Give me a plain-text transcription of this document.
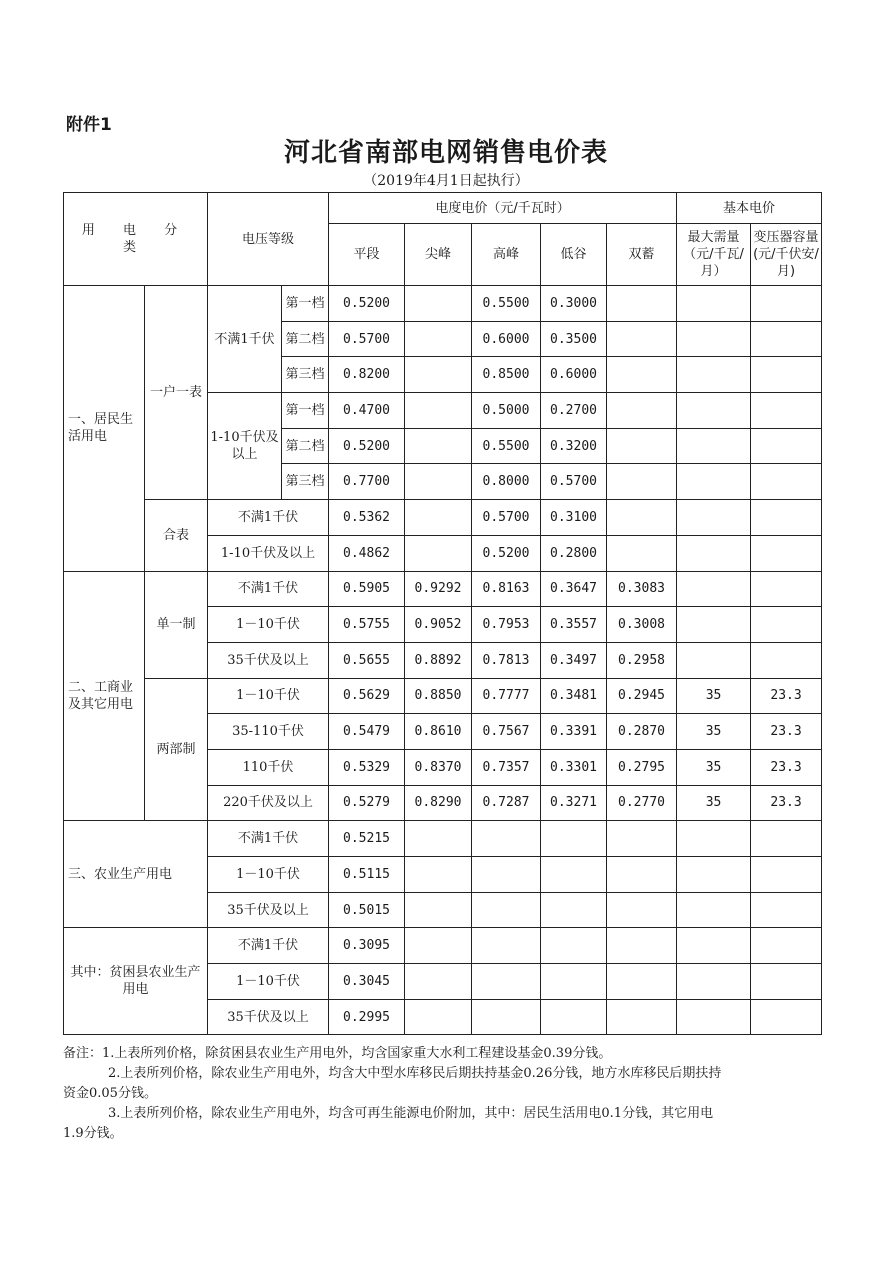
附件1
河北省南部电网销售电价表
（2019年4月1日起执行）
用 电 分 类		电压等级		电度电价（元/千瓦时）					基本电价	
				平段	尖峰	高峰	低谷	双蓄	最大需量（元/千瓦/月）	变压器容量(元/千伏安/月)
一、居民生活用电	一户一表	不满1千伏	第一档	0.5200		0.5500	0.3000			
			第二档	0.5700		0.6000	0.3500			
			第三档	0.8200		0.8500	0.6000			
		1-10千伏及以上	第一档	0.4700		0.5000	0.2700			
			第二档	0.5200		0.5500	0.3200			
			第三档	0.7700		0.8000	0.5700			
	合表	不满1千伏		0.5362		0.5700	0.3100			
		1-10千伏及以上		0.4862		0.5200	0.2800			
二、工商业及其它用电	单一制	不满1千伏		0.5905	0.9292	0.8163	0.3647	0.3083		
		1－10千伏		0.5755	0.9052	0.7953	0.3557	0.3008		
		35千伏及以上		0.5655	0.8892	0.7813	0.3497	0.2958		
	两部制	1－10千伏		0.5629	0.8850	0.7777	0.3481	0.2945	35	23.3
		35-110千伏		0.5479	0.8610	0.7567	0.3391	0.2870	35	23.3
		110千伏		0.5329	0.8370	0.7357	0.3301	0.2795	35	23.3
		220千伏及以上		0.5279	0.8290	0.7287	0.3271	0.2770	35	23.3
三、农业生产用电		不满1千伏		0.5215						
		1－10千伏		0.5115						
		35千伏及以上		0.5015						
其中：贫困县农业生产用电		不满1千伏		0.3095						
		1－10千伏		0.3045						
		35千伏及以上		0.2995						
备注：1.上表所列价格，除贫困县农业生产用电外，均含国家重大水利工程建设基金0.39分钱。
2.上表所列价格，除农业生产用电外，均含大中型水库移民后期扶持基金0.26分钱，地方水库移民后期扶持
资金0.05分钱。
3.上表所列价格，除农业生产用电外，均含可再生能源电价附加，其中：居民生活用电0.1分钱，其它用电
1.9分钱。
